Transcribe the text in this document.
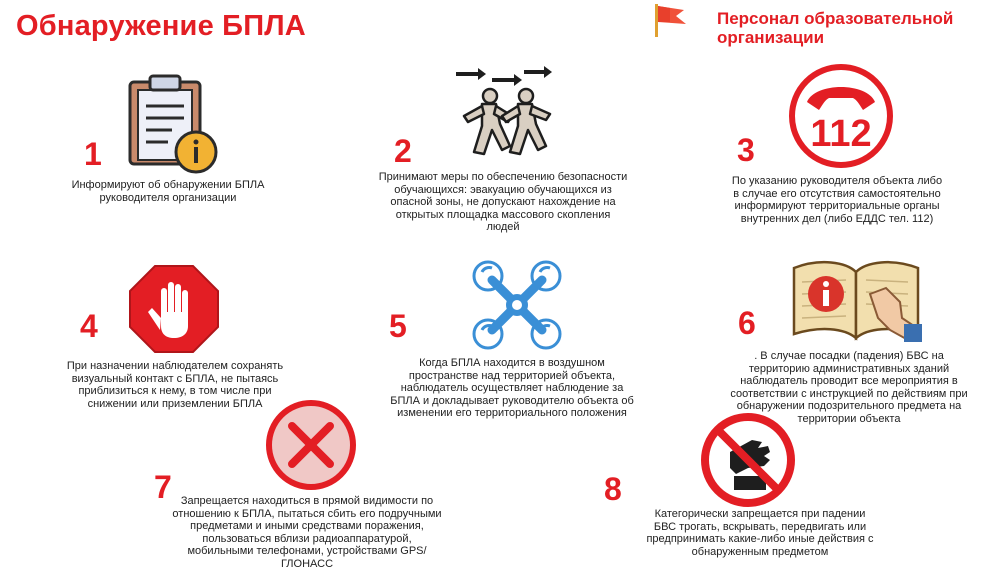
Обнаружение БПЛА	Персонал образовательной организации
1
Информируют об обнаружении БПЛА руководителя организации
2
Принимают меры по обеспечению безопасности обучающихся: эвакуацию обучающихся из опасной зоны, не допускают нахождение на открытых площадка массового скопления людей
3 112
По указанию руководителя объекта либо в случае его отсутствия самостоятельно информируют территориальные органы внутренних дел (либо ЕДДС тел. 112)
4
При назначении наблюдателем сохранять визуальный контакт с БПЛА, не пытаясь приблизиться к нему, в том числе при снижении или приземлении БПЛА
5
Когда БПЛА находится в воздушном пространстве над территорией объекта, наблюдатель осуществляет наблюдение за БПЛА и докладывает руководителю объекта об изменении его территориального положения
6
. В случае посадки (падения) БВС на территорию административных зданий наблюдатель проводит все мероприятия в соответствии с инструкцией по действиям при обнаружении подозрительного предмета на территории объекта
7 Запрещается находиться в прямой видимости по отношению к БПЛА, пытаться сбить его подручными предметами и иными средствами поражения, пользоваться вблизи радиоаппаратурой, мобильными телефонами, устройствами GPS/ГЛОНАСС
8
Категорически запрещается при падении БВС трогать, вскрывать, передвигать или предпринимать какие-либо иные действия с обнаруженным предметом
